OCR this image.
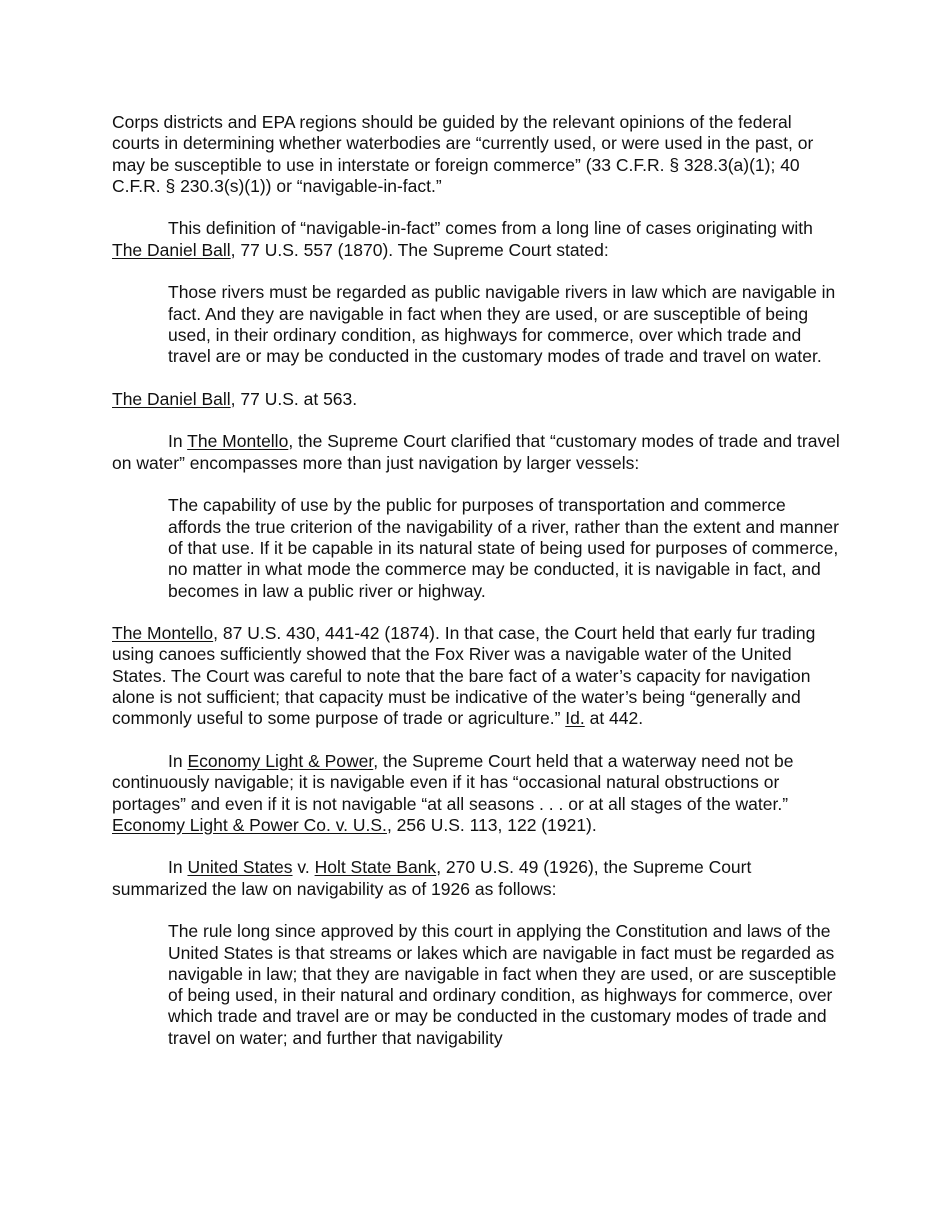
Corps districts and EPA regions should be guided by the relevant opinions of the federal courts in determining whether waterbodies are “currently used, or were used in the past, or may be susceptible to use in interstate or foreign commerce” (33 C.F.R. § 328.3(a)(1); 40 C.F.R. § 230.3(s)(1)) or “navigable-in-fact.”

This definition of “navigable-in-fact” comes from a long line of cases originating with The Daniel Ball, 77 U.S. 557 (1870). The Supreme Court stated:

Those rivers must be regarded as public navigable rivers in law which are navigable in fact. And they are navigable in fact when they are used, or are susceptible of being used, in their ordinary condition, as highways for commerce, over which trade and travel are or may be conducted in the customary modes of trade and travel on water.

The Daniel Ball, 77 U.S. at 563.

In The Montello, the Supreme Court clarified that “customary modes of trade and travel on water” encompasses more than just navigation by larger vessels:

The capability of use by the public for purposes of transportation and commerce affords the true criterion of the navigability of a river, rather than the extent and manner of that use. If it be capable in its natural state of being used for purposes of commerce, no matter in what mode the commerce may be conducted, it is navigable in fact, and becomes in law a public river or highway.

The Montello, 87 U.S. 430, 441-42 (1874). In that case, the Court held that early fur trading using canoes sufficiently showed that the Fox River was a navigable water of the United States. The Court was careful to note that the bare fact of a water’s capacity for navigation alone is not sufficient; that capacity must be indicative of the water’s being “generally and commonly useful to some purpose of trade or agriculture.” Id. at 442.

In Economy Light & Power, the Supreme Court held that a waterway need not be continuously navigable; it is navigable even if it has “occasional natural obstructions or portages” and even if it is not navigable “at all seasons . . . or at all stages of the water.” Economy Light & Power Co. v. U.S., 256 U.S. 113, 122 (1921).

In United States v. Holt State Bank, 270 U.S. 49 (1926), the Supreme Court summarized the law on navigability as of 1926 as follows:

The rule long since approved by this court in applying the Constitution and laws of the United States is that streams or lakes which are navigable in fact must be regarded as navigable in law; that they are navigable in fact when they are used, or are susceptible of being used, in their natural and ordinary condition, as highways for commerce, over which trade and travel are or may be conducted in the customary modes of trade and travel on water; and further that navigability
